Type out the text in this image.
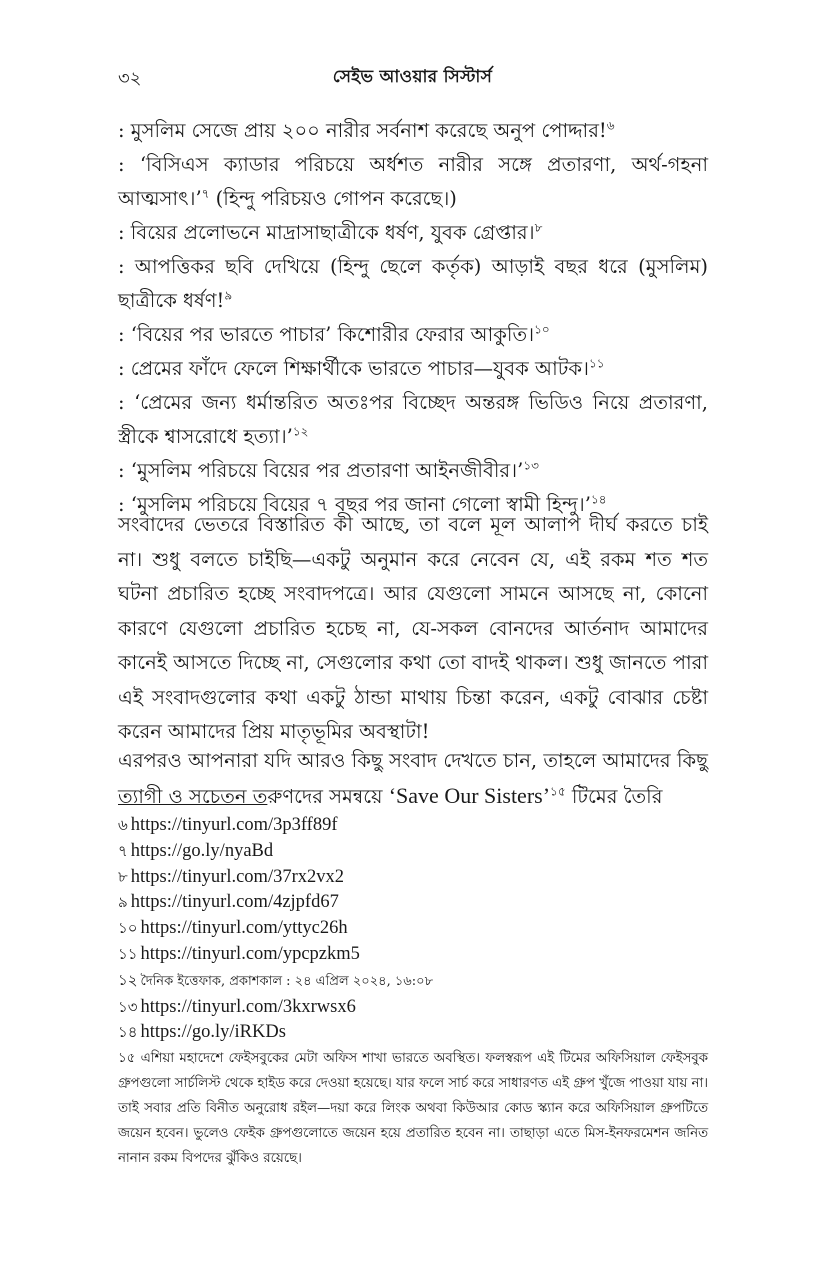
৩২	সেইভ আওয়ার সিস্টার্স

: মুসলিম সেজে প্রায় ২০০ নারীর সর্বনাশ করেছে অনুপ পোদ্দার!$^৬$

: ‘বিসিএস ক্যাডার পরিচয়ে অর্ধশত নারীর সঙ্গে প্রতারণা, অর্থ-গহনা আত্মসাৎ।’$^৭$ (হিন্দু পরিচয়ও গোপন করেছে।)

: বিয়ের প্রলোভনে মাদ্রাসাছাত্রীকে ধর্ষণ, যুবক গ্রেপ্তার।$^৮$

: আপত্তিকর ছবি দেখিয়ে (হিন্দু ছেলে কর্তৃক) আড়াই বছর ধরে (মুসলিম) ছাত্রীকে ধর্ষণ!$^৯$

: ‘বিয়ের পর ভারতে পাচার’ কিশোরীর ফেরার আকুতি।$^{১০}$

: প্রেমের ফাঁদে ফেলে শিক্ষার্থীকে ভারতে পাচার—যুবক আটক।$^{১১}$

: ‘প্রেমের জন্য ধর্মান্তরিত অতঃপর বিচ্ছেদ অন্তরঙ্গ ভিডিও নিয়ে প্রতারণা, স্ত্রীকে শ্বাসরোধে হত্যা।’$^{১২}$

: ‘মুসলিম পরিচয়ে বিয়ের পর প্রতারণা আইনজীবীর।’$^{১৩}$

: ‘মুসলিম পরিচয়ে বিয়ের ৭ বছর পর জানা গেলো স্বামী হিন্দু।’$^{১৪}$

সংবাদের ভেতরে বিস্তারিত কী আছে, তা বলে মূল আলাপ দীর্ঘ করতে চাই না। শুধু বলতে চাইছি—একটু অনুমান করে নেবেন যে, এই রকম শত শত ঘটনা প্রচারিত হচ্ছে সংবাদপত্রে। আর যেগুলো সামনে আসছে না, কোনো কারণে যেগুলো প্রচারিত হচেছ না, যে-সকল বোনদের আর্তনাদ আমাদের কানেই আসতে দিচ্ছে না, সেগুলোর কথা তো বাদই থাকল। শুধু জানতে পারা এই সংবাদগুলোর কথা একটু ঠান্ডা মাথায় চিন্তা করেন, একটু বোঝার চেষ্টা করেন আমাদের প্রিয় মাতৃভূমির অবস্থাটা!

এরপরও আপনারা যদি আরও কিছু সংবাদ দেখতে চান, তাহলে আমাদের কিছু ত্যাগী ও সচেতন তরুণদের সমন্বয়ে ‘Save Our Sisters’$^{১৫}$ টিমের তৈরি

৬ https://tinyurl.com/3p3ff89f

৭ https://go.ly/nyaBd

৮ https://tinyurl.com/37rx2vx2

৯ https://tinyurl.com/4zjpfd67

১০ https://tinyurl.com/yttyc26h

১১ https://tinyurl.com/ypcpzkm5

১২ দৈনিক ইত্তেফাক, প্রকাশকাল : ২৪ এপ্রিল ২০২৪, ১৬:০৮

১৩ https://tinyurl.com/3kxrwsx6

১৪ https://go.ly/iRKDs

১৫ এশিয়া মহাদেশে ফেইসবুকের মেটা অফিস শাখা ভারতে অবস্থিত। ফলস্বরূপ এই টিমের অফিসিয়াল ফেইসবুক গ্রুপগুলো সার্চলিস্ট থেকে হাইড করে দেওয়া হয়েছে। যার ফলে সার্চ করে সাধারণত এই গ্রুপ খুঁজে পাওয়া যায় না। তাই সবার প্রতি বিনীত অনুরোধ রইল—দয়া করে লিংক অথবা কিউআর কোড স্ক্যান করে অফিসিয়াল গ্রুপটিতে জয়েন হবেন। ভুলেও ফেইক গ্রুপগুলোতে জয়েন হয়ে প্রতারিত হবেন না। তাছাড়া এতে মিস-ইনফরমেশন জনিত নানান রকম বিপদের ঝুঁকিও রয়েছে।
